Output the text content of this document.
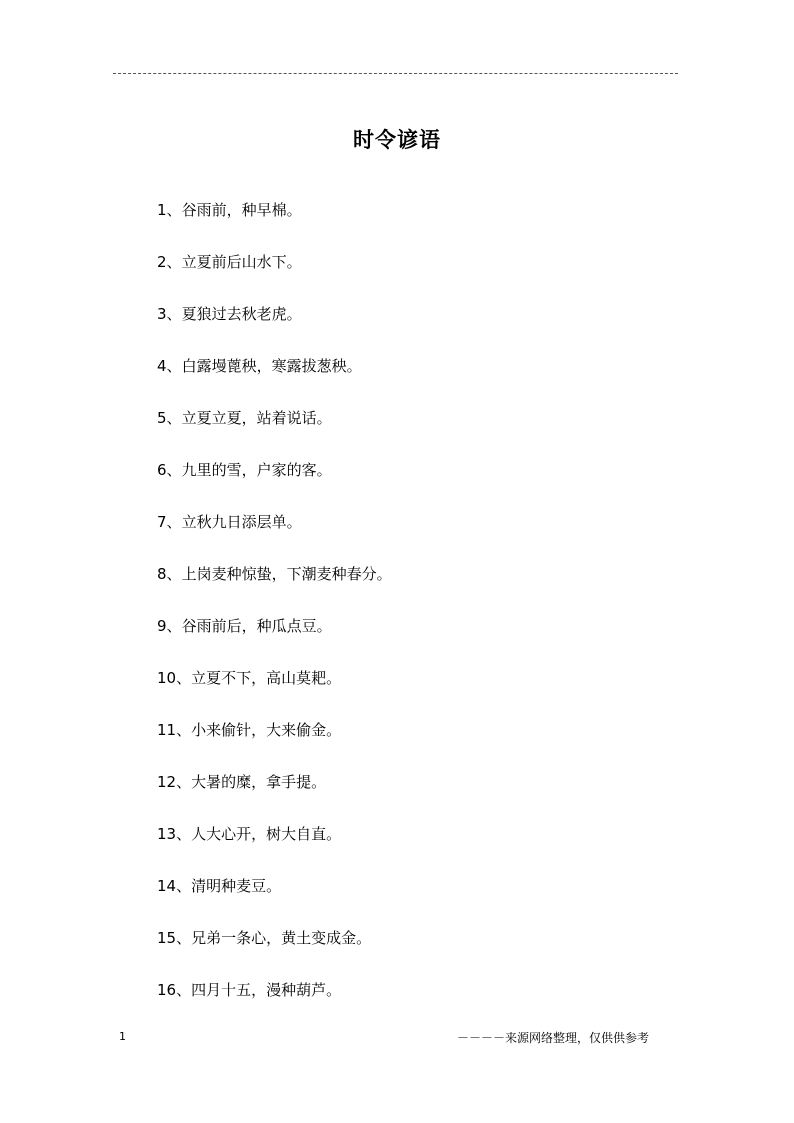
时令谚语
1、谷雨前，种早棉。
2、立夏前后山水下。
3、夏狼过去秋老虎。
4、白露墁蓖秧，寒露拔葱秧。
5、立夏立夏，站着说话。
6、九里的雪，户家的客。
7、立秋九日添层单。
8、上岗麦种惊蛰，下潮麦种春分。
9、谷雨前后，种瓜点豆。
10、立夏不下，高山莫耙。
11、小来偷针，大来偷金。
12、大暑的糜，拿手提。
13、人大心开，树大自直。
14、清明种麦豆。
15、兄弟一条心，黄土变成金。
16、四月十五，漫种葫芦。
1	－－－－来源网络整理，仅供供参考
